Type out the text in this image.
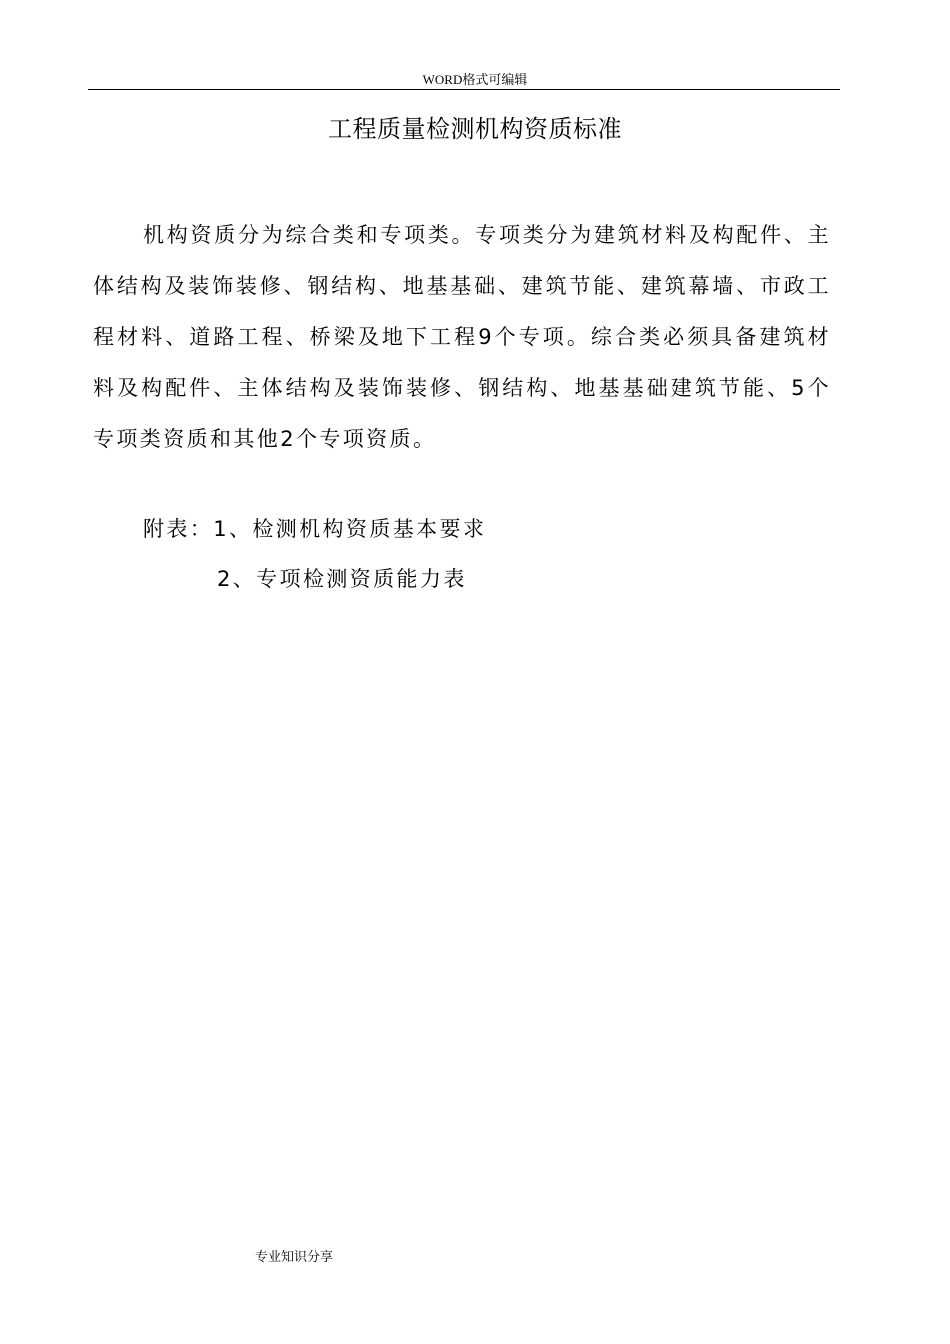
WORD格式可编辑
工程质量检测机构资质标准

机构资质分为综合类和专项类。专项类分为建筑材料及构配件、主体结构及装饰装修、钢结构、地基基础、建筑节能、建筑幕墙、市政工程材料、道路工程、桥梁及地下工程9个专项。综合类必须具备建筑材料及构配件、主体结构及装饰装修、钢结构、地基基础建筑节能、5个专项类资质和其他2个专项资质。

附表：1、检测机构资质基本要求
2、专项检测资质能力表
专业知识分享
